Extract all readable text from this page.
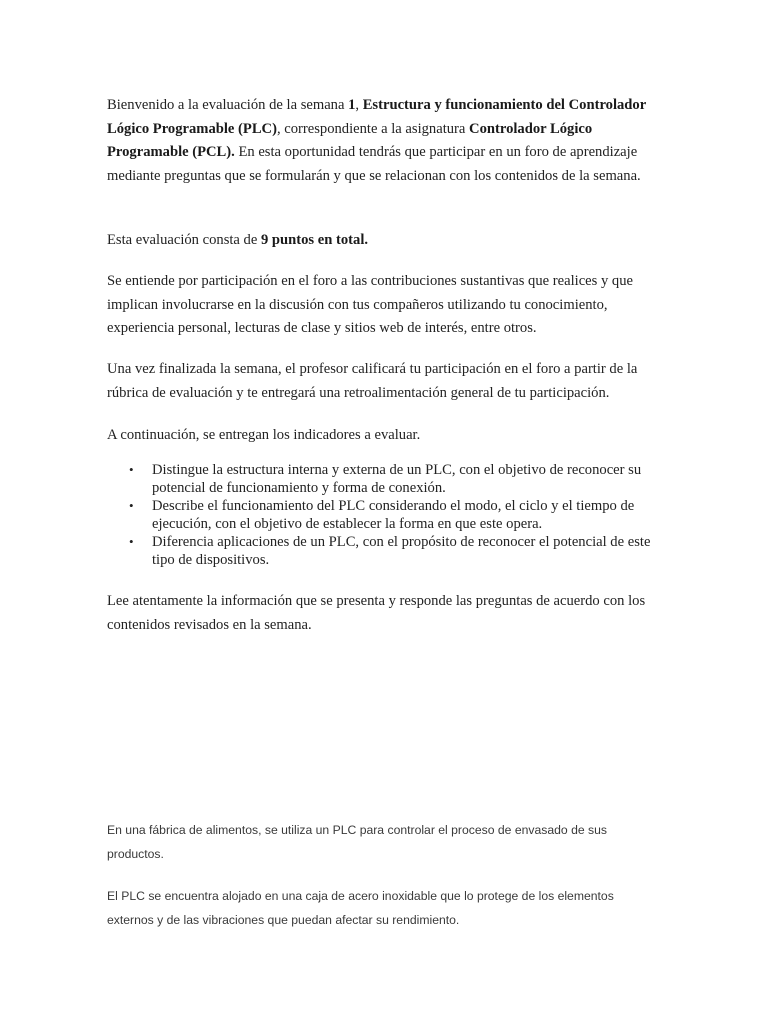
Bienvenido a la evaluación de la semana 1, Estructura y funcionamiento del Controlador Lógico Programable (PLC), correspondiente a la asignatura Controlador Lógico Programable (PCL). En esta oportunidad tendrás que participar en un foro de aprendizaje mediante preguntas que se formularán y que se relacionan con los contenidos de la semana.

Esta evaluación consta de 9 puntos en total.

Se entiende por participación en el foro a las contribuciones sustantivas que realices y que implican involucrarse en la discusión con tus compañeros utilizando tu conocimiento, experiencia personal, lecturas de clase y sitios web de interés, entre otros.

Una vez finalizada la semana, el profesor calificará tu participación en el foro a partir de la rúbrica de evaluación y te entregará una retroalimentación general de tu participación.

A continuación, se entregan los indicadores a evaluar.

• Distingue la estructura interna y externa de un PLC, con el objetivo de reconocer su potencial de funcionamiento y forma de conexión.
• Describe el funcionamiento del PLC considerando el modo, el ciclo y el tiempo de ejecución, con el objetivo de establecer la forma en que este opera.
• Diferencia aplicaciones de un PLC, con el propósito de reconocer el potencial de este tipo de dispositivos.

Lee atentamente la información que se presenta y responde las preguntas de acuerdo con los contenidos revisados en la semana.

En una fábrica de alimentos, se utiliza un PLC para controlar el proceso de envasado de sus productos.

El PLC se encuentra alojado en una caja de acero inoxidable que lo protege de los elementos externos y de las vibraciones que puedan afectar su rendimiento.
